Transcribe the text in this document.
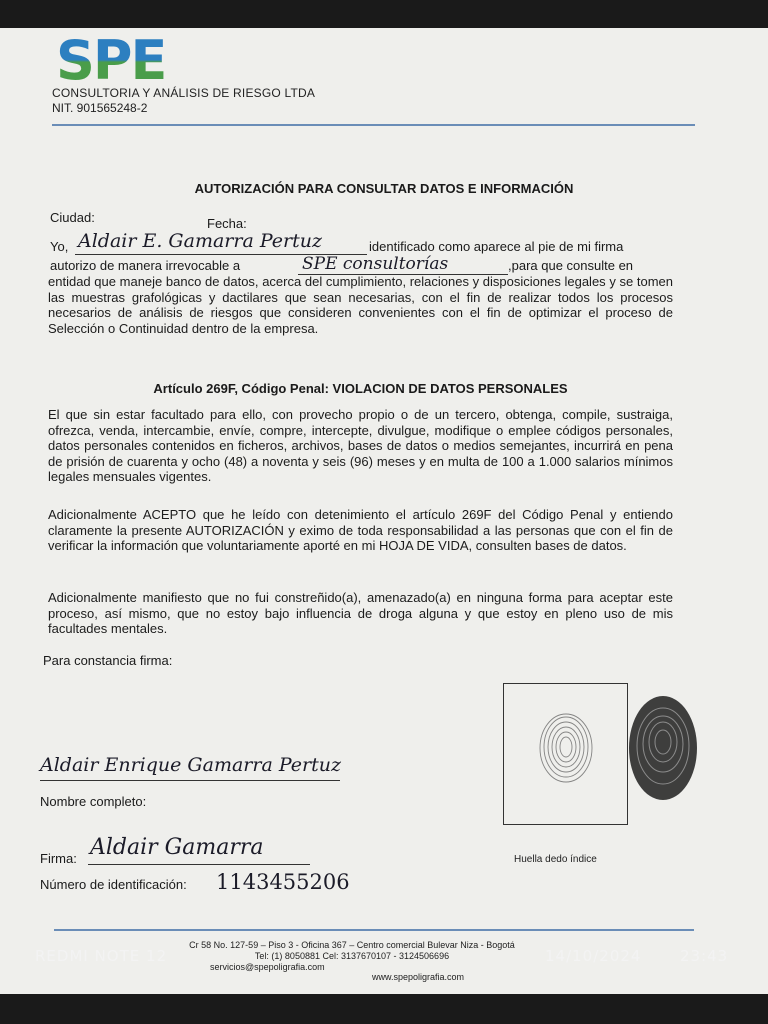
SPE
CONSULTORIA Y ANÁLISIS DE RIESGO LTDA
NIT. 901565248-2
AUTORIZACIÓN PARA CONSULTAR DATOS E INFORMACIÓN
Ciudad:	Fecha:
Yo, Aldair E. Gamarra Pertuz	identificado como aparece al pie de mi firma
autorizo de manera irrevocable a	SPE consultorías	,para que consulte en

entidad que maneje banco de datos, acerca del cumplimiento, relaciones y disposiciones legales y se tomen las muestras grafológicas y dactilares que sean necesarias, con el fin de realizar todos los procesos necesarios de análisis de riesgos que consideren convenientes con el fin de optimizar el proceso de Selección o Continuidad dentro de la empresa.

Artículo 269F, Código Penal: VIOLACION DE DATOS PERSONALES

El que sin estar facultado para ello, con provecho propio o de un tercero, obtenga, compile, sustraiga, ofrezca, venda, intercambie, envíe, compre, intercepte, divulgue, modifique o emplee códigos personales, datos personales contenidos en ficheros, archivos, bases de datos o medios semejantes, incurrirá en pena de prisión de cuarenta y ocho (48) a noventa y seis (96) meses y en multa de 100 a 1.000 salarios mínimos legales mensuales vigentes.

Adicionalmente ACEPTO que he leído con detenimiento el artículo 269F del Código Penal y entiendo claramente la presente AUTORIZACIÓN y eximo de toda responsabilidad a las personas que con el fin de verificar la información que voluntariamente aporté en mi HOJA DE VIDA, consulten bases de datos.

Adicionalmente manifiesto que no fui constreñido(a), amenazado(a) en ninguna forma para aceptar este proceso, así mismo, que no estoy bajo influencia de droga alguna y que estoy en pleno uso de mis facultades mentales.

Para constancia firma:
Huella dedo índice
Aldair Enrique Gamarra Pertuz
Nombre completo:
Firma: Aldair Gamarra
Número de identificación: 1143455206
Cr 58 No. 127-59 – Piso 3 - Oficina 367 – Centro comercial Bulevar Niza - Bogotá
Tel: (1) 8050881 Cel: 3137670107 - 3124506696
servicios@spepoligrafia.com
www.spepoligrafia.com
REDMI NOTE 12	14/10/2024	23:43
